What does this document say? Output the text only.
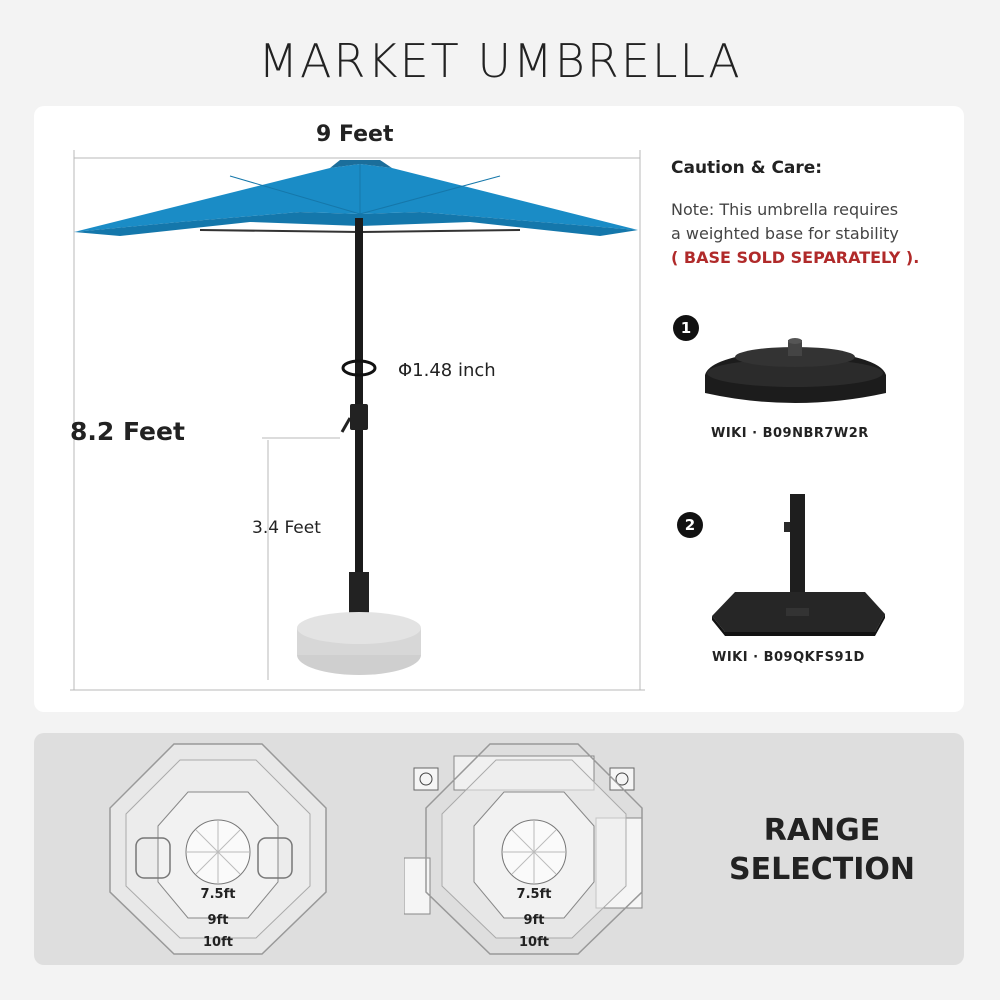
MARKET UMBRELLA
9 Feet
8.2 Feet
3.4 Feet
Φ1.48 inch
Caution & Care:
Note: This umbrella requires
a weighted base for stability
( BASE SOLD SEPARATELY ).
1
WIKI · B09NBR7W2R
2
WIKI · B09QKFS91D
7.5ft
9ft
10ft
7.5ft
9ft
10ft
RANGE
SELECTION
